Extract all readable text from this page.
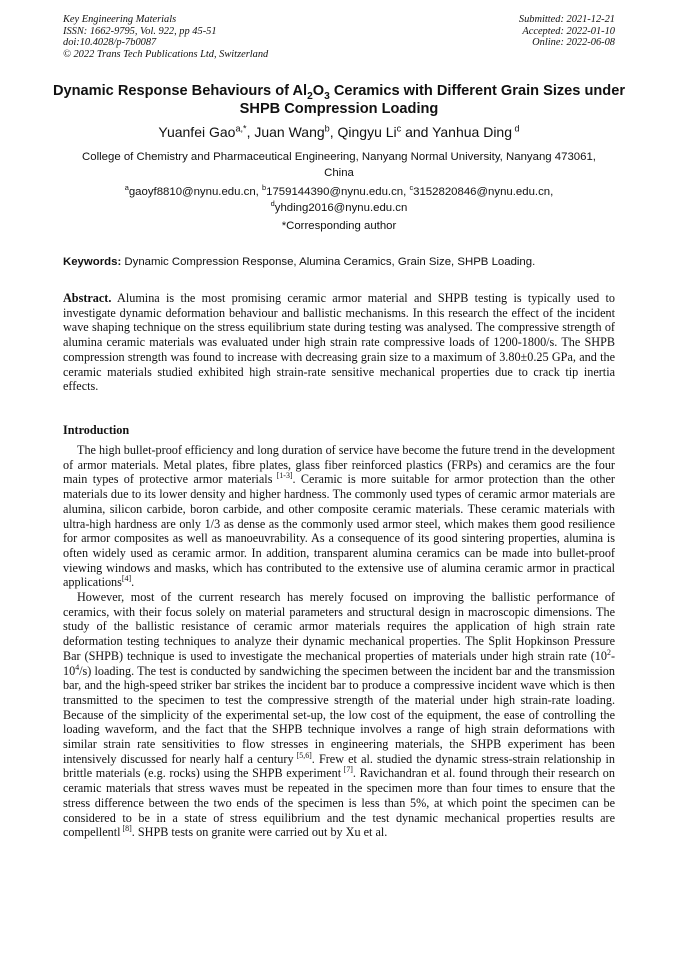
Key Engineering Materials
ISSN: 1662-9795, Vol. 922, pp 45-51
doi:10.4028/p-7b0087
© 2022 Trans Tech Publications Ltd, Switzerland
Submitted: 2021-12-21
Accepted: 2022-01-10
Online: 2022-06-08
Dynamic Response Behaviours of $Al_2O_3$ Ceramics with Different Grain Sizes under SHPB Compression Loading
Yuanfei Gao$^{a,*}$, Juan Wang$^b$, Qingyu Li$^c$ and Yanhua Ding $^d$
College of Chemistry and Pharmaceutical Engineering, Nanyang Normal University, Nanyang 473061, China
$^a$gaoyf8810@nynu.edu.cn, $^b$1759144390@nynu.edu.cn, $^c$3152820846@nynu.edu.cn,
$^d$yhding2016@nynu.edu.cn
*Corresponding author
Keywords: Dynamic Compression Response, Alumina Ceramics, Grain Size, SHPB Loading.
Abstract. Alumina is the most promising ceramic armor material and SHPB testing is typically used to investigate dynamic deformation behaviour and ballistic mechanisms. In this research the effect of the incident wave shaping technique on the stress equilibrium state during testing was analysed. The compressive strength of alumina ceramic materials was evaluated under high strain rate compressive loads of 1200-1800/s. The SHPB compression strength was found to increase with decreasing grain size to a maximum of 3.80±0.25 GPa, and the ceramic materials studied exhibited high strain-rate sensitive mechanical properties due to crack tip inertia effects.
Introduction

The high bullet-proof efficiency and long duration of service have become the future trend in the development of armor materials. Metal plates, fibre plates, glass fiber reinforced plastics (FRPs) and ceramics are the four main types of protective armor materials [1-3]. Ceramic is more suitable for armor protection than the other materials due to its lower density and higher hardness. The commonly used types of ceramic armor materials are alumina, silicon carbide, boron carbide, and other composite ceramic materials. These ceramic materials with ultra-high hardness are only 1/3 as dense as the commonly used armor steel, which makes them good resilience for armor composites as well as manoeuvrability. As a consequence of its good sintering properties, alumina is often widely used as ceramic armor. In addition, transparent alumina ceramics can be made into bullet-proof viewing windows and masks, which has contributed to the extensive use of alumina ceramic armor in practical applications[4].

However, most of the current research has merely focused on improving the ballistic performance of ceramics, with their focus solely on material parameters and structural design in macroscopic dimensions. The study of the ballistic resistance of ceramic armor materials requires the application of high strain rate deformation testing techniques to analyze their dynamic mechanical properties. The Split Hopkinson Pressure Bar (SHPB) technique is used to investigate the mechanical properties of materials under high strain rate $(10^2-10^4/s)$ loading. The test is conducted by sandwiching the specimen between the incident bar and the transmission bar, and the high-speed striker bar strikes the incident bar to produce a compressive incident wave which is then transmitted to the specimen to test the compressive strength of the material under high strain-rate loading. Because of the simplicity of the experimental set-up, the low cost of the equipment, the ease of controlling the loading waveform, and the fact that the SHPB technique involves a range of high strain deformations with similar strain rate sensitivities to flow stresses in engineering materials, the SHPB experiment has been intensively discussed for nearly half a century [5,6]. Frew et al. studied the dynamic stress-strain relationship in brittle materials (e.g. rocks) using the SHPB experiment [7]. Ravichandran et al. found through their research on ceramic materials that stress waves must be repeated in the specimen more than four times to ensure that the stress difference between the two ends of the specimen is less than 5%, at which point the specimen can be considered to be in a state of stress equilibrium and the test dynamic mechanical properties results are compellentl [8]. SHPB tests on granite were carried out by Xu et al.
